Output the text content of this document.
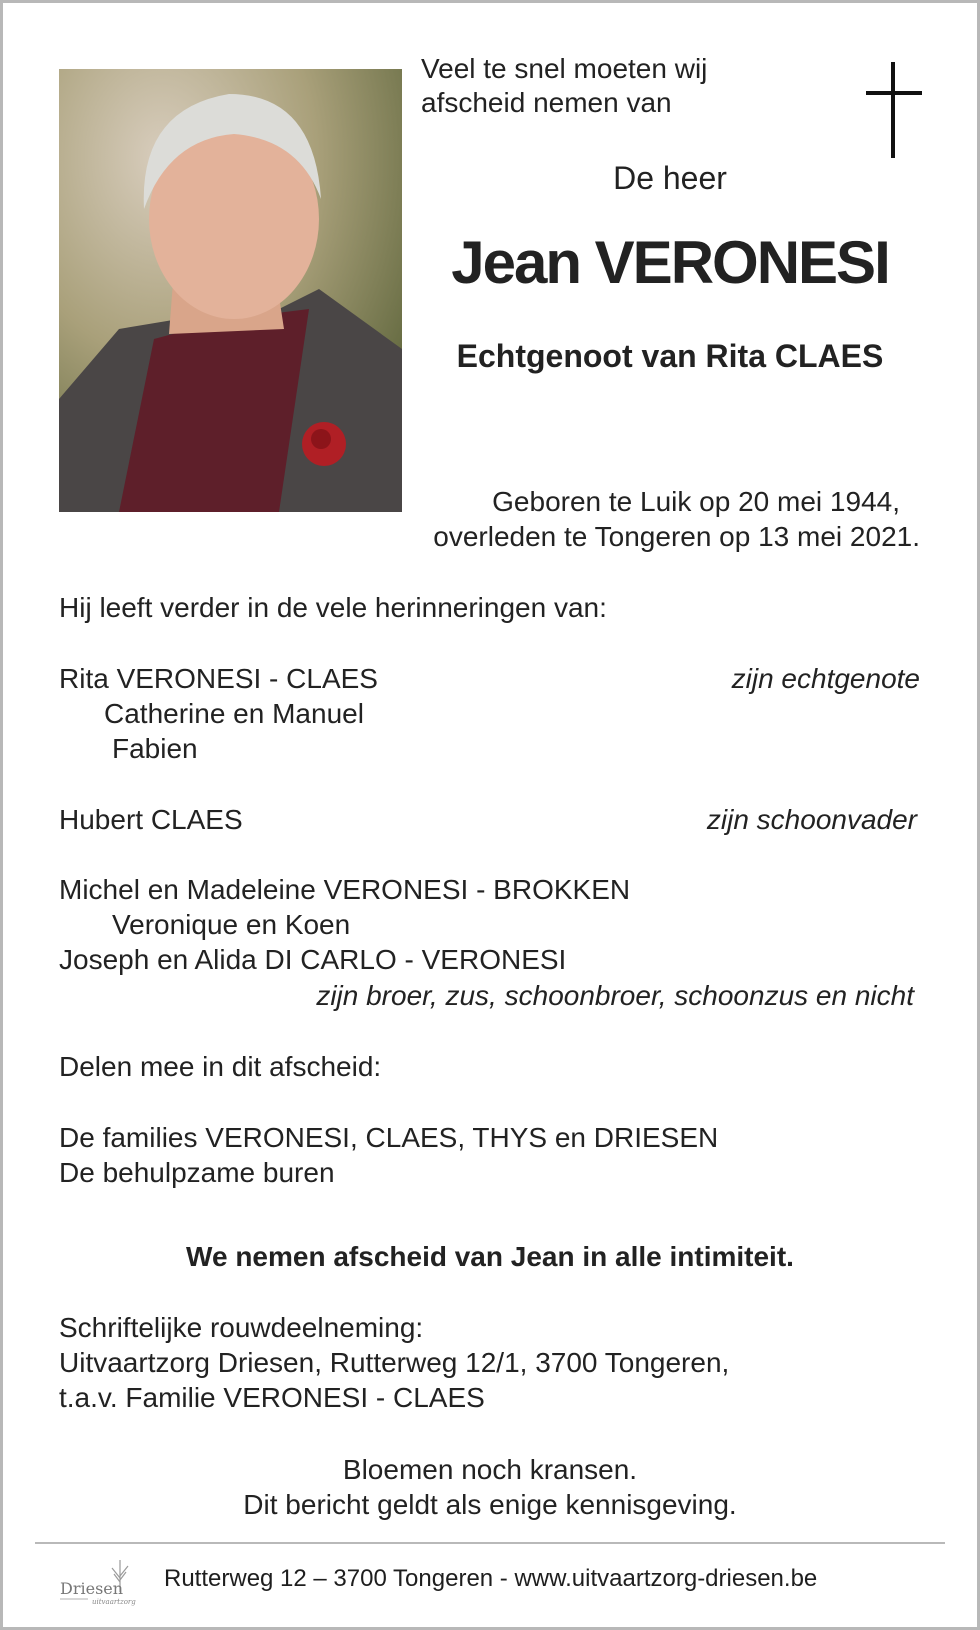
Veel te snel moeten wij
afscheid nemen van
De heer
Jean VERONESI
Echtgenoot van Rita CLAES
Geboren te Luik op 20 mei 1944,
overleden te Tongeren op 13 mei 2021.
Hij leeft verder in de vele herinneringen van:
Rita VERONESI - CLAES	zijn echtgenote
Catherine en Manuel
Fabien
Hubert CLAES	zijn schoonvader
Michel en Madeleine VERONESI - BROKKEN
Veronique en Koen
Joseph en Alida DI CARLO - VERONESI
zijn broer, zus, schoonbroer, schoonzus en nicht
Delen mee in dit afscheid:
De families VERONESI, CLAES, THYS en DRIESEN
De behulpzame buren
We nemen afscheid van Jean in alle intimiteit.
Schriftelijke rouwdeelneming:
Uitvaartzorg Driesen, Rutterweg 12/1, 3700 Tongeren,
t.a.v. Familie VERONESI - CLAES
Bloemen noch kransen.
Dit bericht geldt als enige kennisgeving.
Driesen
uitvaartzorg
Rutterweg 12 – 3700 Tongeren - www.uitvaartzorg-driesen.be
